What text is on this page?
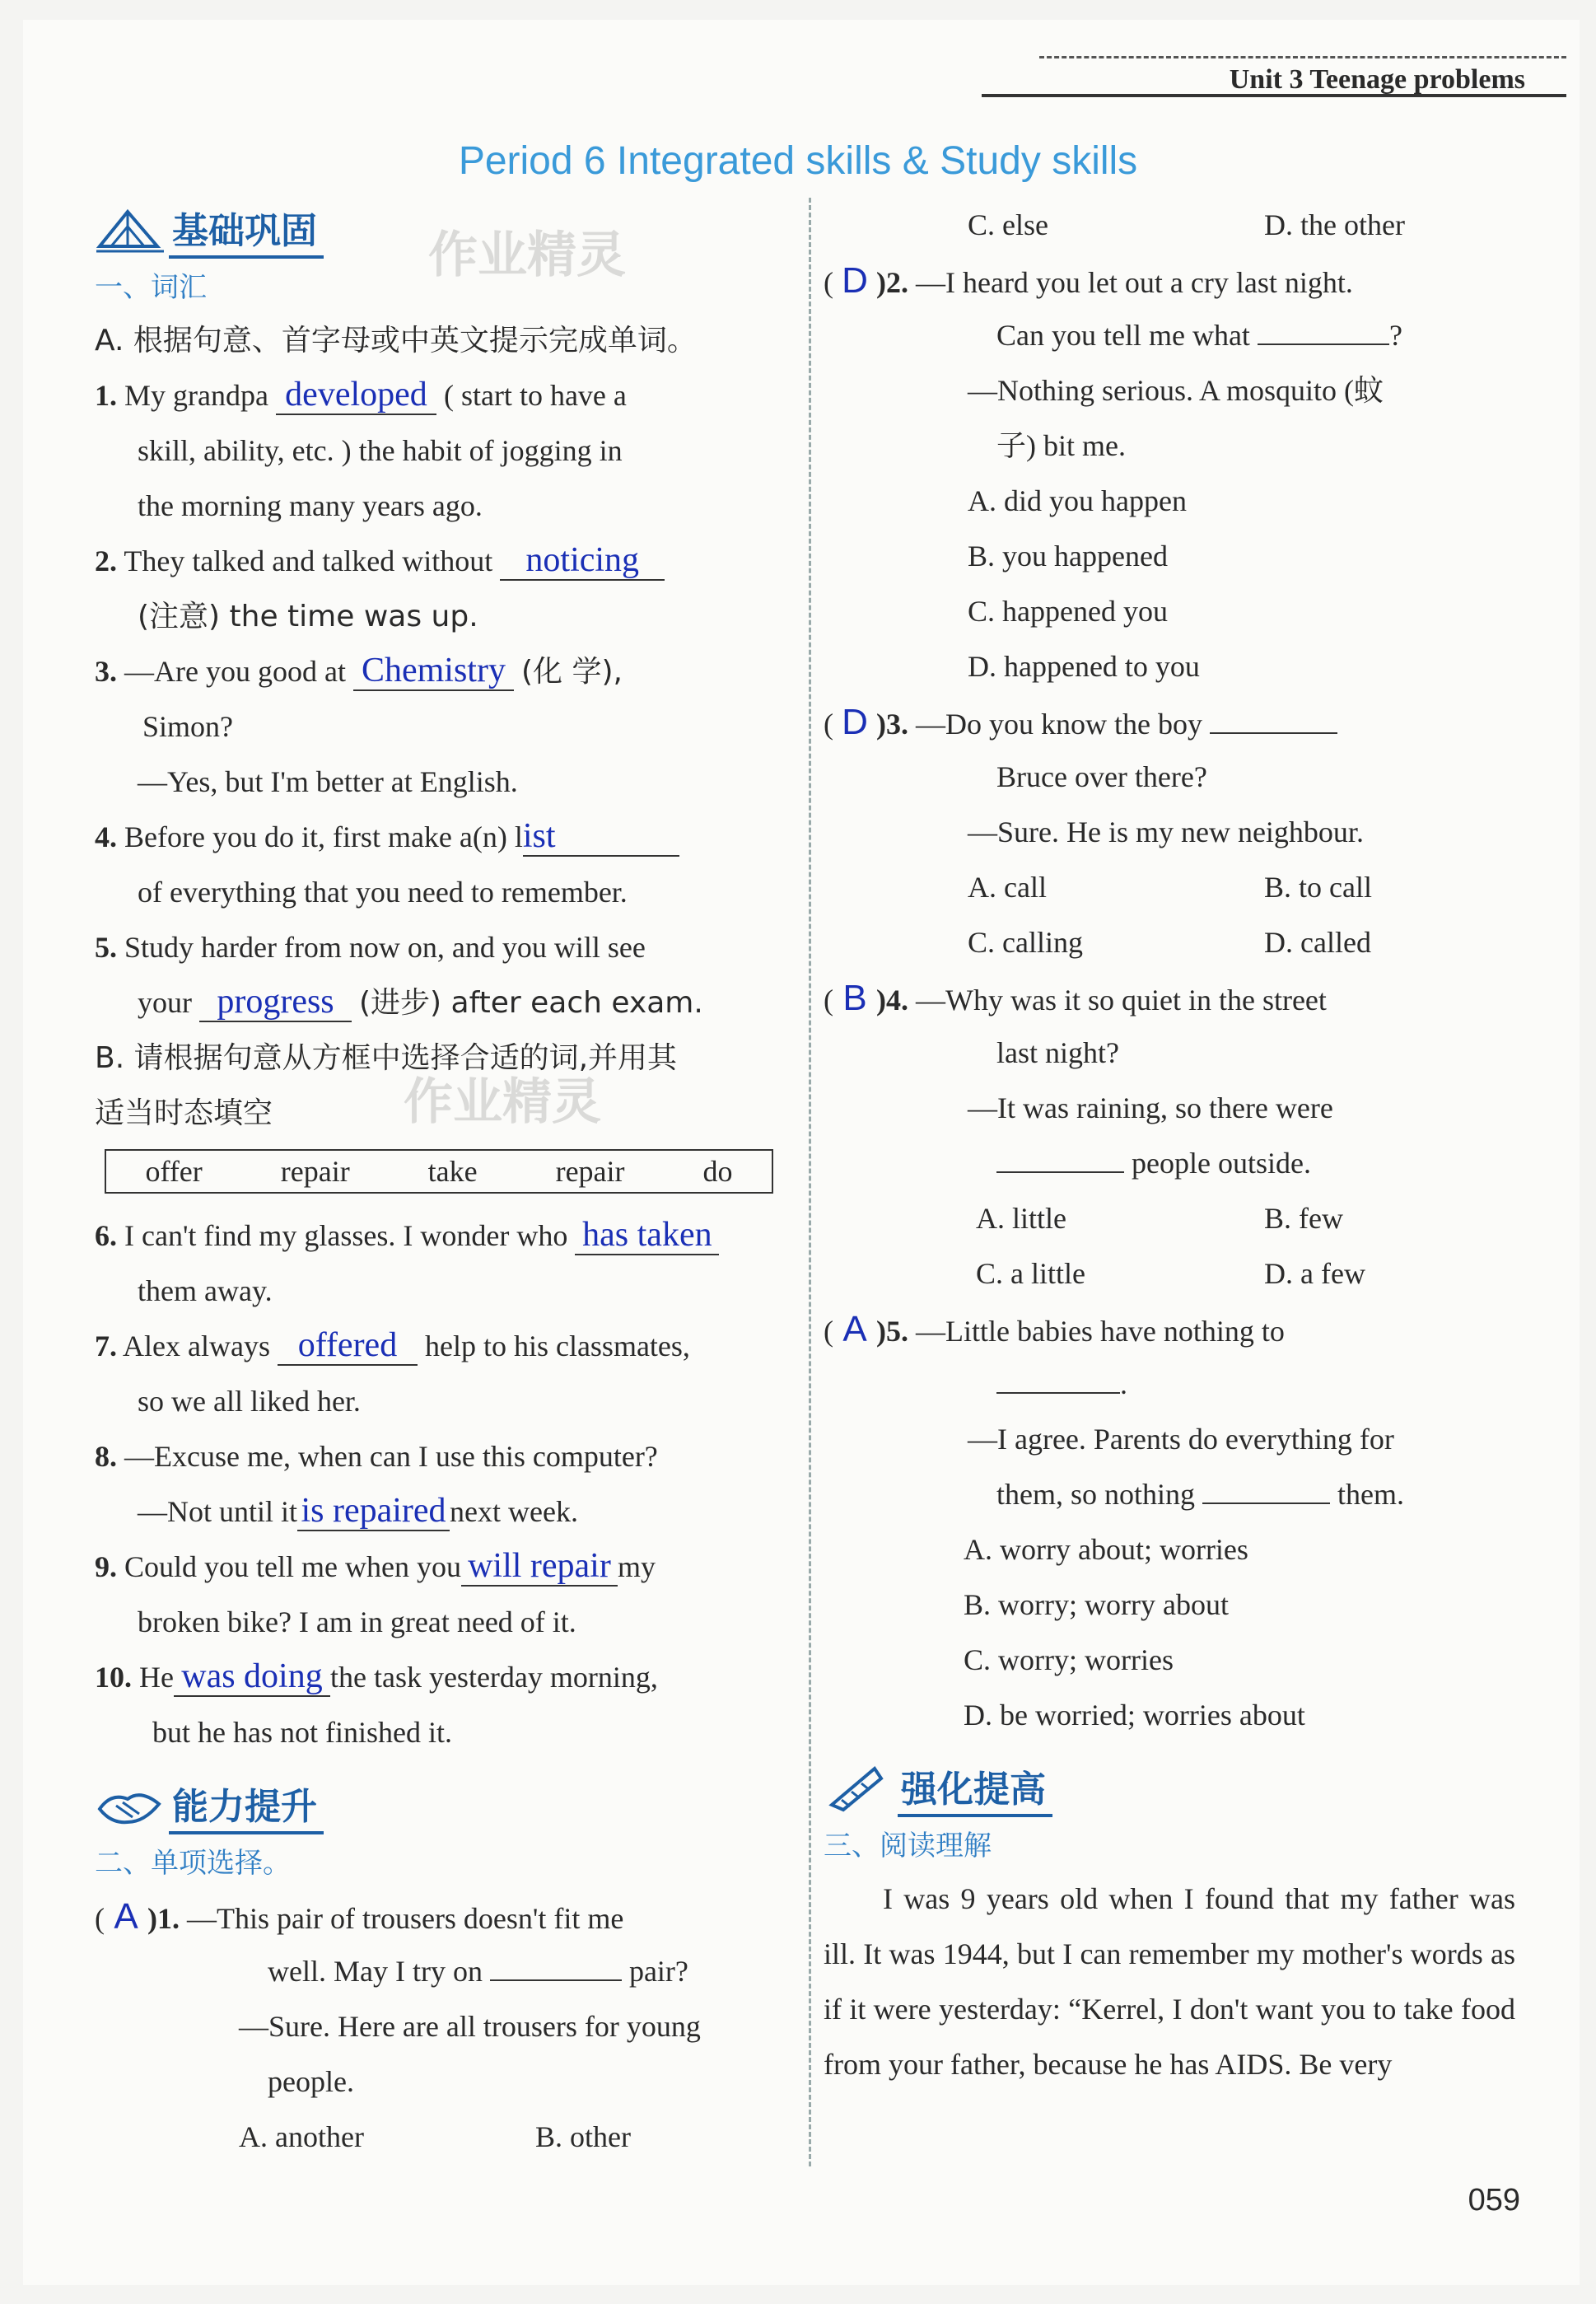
Unit 3 Teenage problems
Period 6 Integrated skills & Study skills
作业精灵
作业精灵
基础巩固
一、词汇
A. 根据句意、首字母或中英文提示完成单词。
1. My grandpa developed ( start to have a
skill, ability, etc. ) the habit of jogging in
the morning many years ago.
2. They talked and talked without noticing
(注意) the time was up.
3. —Are you good at Chemistry (化 学),
Simon?
—Yes, but I'm better at English.
4. Before you do it, first make a(n) list
of everything that you need to remember.
5. Study harder from now on, and you will see
your progress (进步) after each exam.
B. 请根据句意从方框中选择合适的词,并用其
适当时态填空
offer	repair	take	repair	do
6. I can't find my glasses. I wonder who has taken
them away.
7. Alex always offered help to his classmates,
so we all liked her.
8. —Excuse me, when can I use this computer?
—Not until it is repaired next week.
9. Could you tell me when you will repair my
broken bike? I am in great need of it.
10. He was doing the task yesterday morning,
but he has not finished it.
能力提升
二、单项选择。
( A )1. —This pair of trousers doesn't fit me
well. May I try on	pair?
—Sure. Here are all trousers for young
people.
A. another	B. other
C. else	D. the other
( D )2. —I heard you let out a cry last night.
Can you tell me what	?
—Nothing serious. A mosquito (蚊
子) bit me.
A. did you happen
B. you happened
C. happened you
D. happened to you
( D )3. —Do you know the boy
Bruce over there?
—Sure. He is my new neighbour.
A. call	B. to call
C. calling	D. called
( B )4. —Why was it so quiet in the street
last night?
—It was raining, so there were
people outside.
A. little	B. few
C. a little	D. a few
( A )5. —Little babies have nothing to
.
—I agree. Parents do everything for
them, so nothing	them.
A. worry about; worries
B. worry; worry about
C. worry; worries
D. be worried; worries about
强化提高
三、阅读理解

I was 9 years old when I found that my father was ill. It was 1944, but I can remember my mother's words as if it were yesterday: “Kerrel, I don't want you to take food from your father, because he has AIDS. Be very

059
